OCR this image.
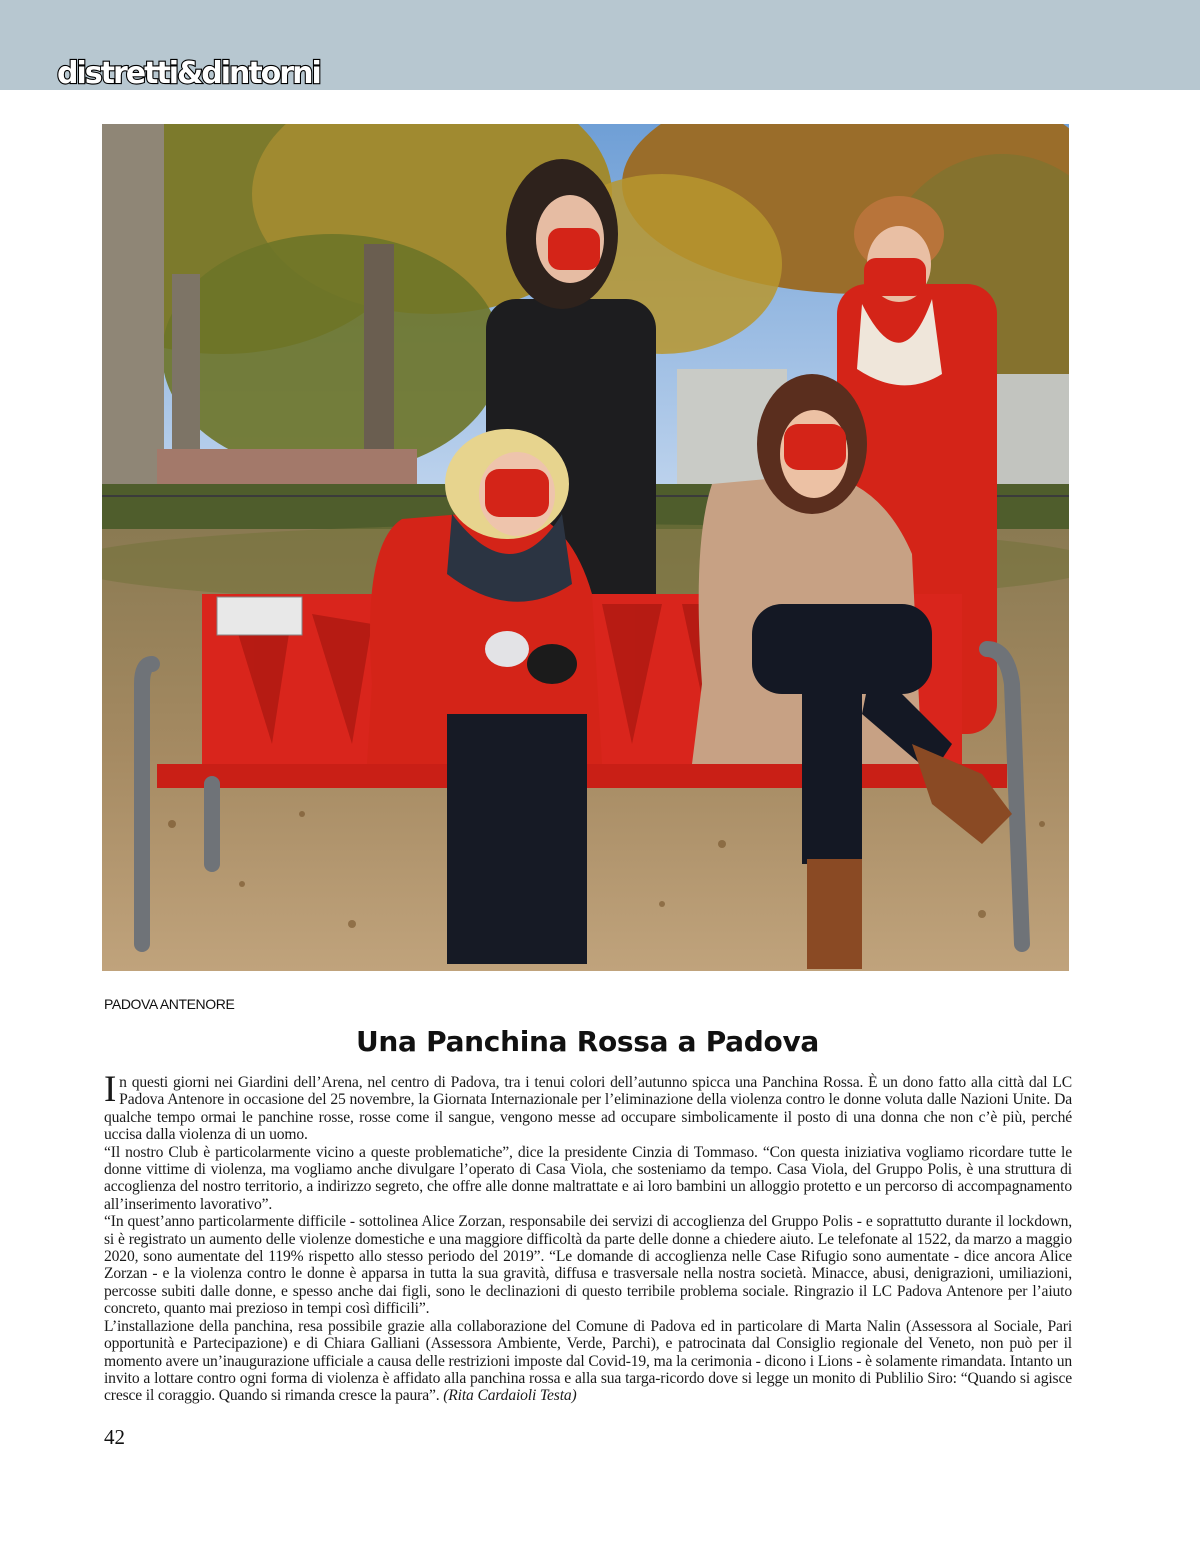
distretti&dintorni
PADOVA ANTENORE
Una Panchina Rossa a Padova

In questi giorni nei Giardini dell’Arena, nel centro di Padova, tra i tenui colori dell’autunno spicca una Panchina Rossa. È un dono fatto alla città dal LC Padova Antenore in occasione del 25 novembre, la Giornata Internazionale per l’eliminazione della violenza contro le donne voluta dalle Nazioni Unite. Da qualche tempo ormai le panchine rosse, rosse come il sangue, vengono messe ad occupare simbolicamente il posto di una donna che non c’è più, perché uccisa dalla violenza di un uomo.

“Il nostro Club è particolarmente vicino a queste problematiche”, dice la presidente Cinzia di Tommaso. “Con questa iniziativa vogliamo ricordare tutte le donne vittime di violenza, ma vogliamo anche divulgare l’operato di Casa Viola, che sosteniamo da tempo. Casa Viola, del Gruppo Polis, è una struttura di accoglienza del nostro territorio, a indirizzo segreto, che offre alle donne maltrattate e ai loro bambini un alloggio protetto e un percorso di accompagnamento all’inserimento lavorativo”.

“In quest’anno particolarmente difficile - sottolinea Alice Zorzan, responsabile dei servizi di accoglienza del Gruppo Polis - e soprattutto durante il lockdown, si è registrato un aumento delle violenze domestiche e una maggiore difficoltà da parte delle donne a chiedere aiuto. Le telefonate al 1522, da marzo a maggio 2020, sono aumentate del 119% rispetto allo stesso periodo del 2019”. “Le domande di accoglienza nelle Case Rifugio sono aumentate - dice ancora Alice Zorzan - e la violenza contro le donne è apparsa in tutta la sua gravità, diffusa e trasversale nella nostra società. Minacce, abusi, denigrazioni, umiliazioni, percosse subiti dalle donne, e spesso anche dai figli, sono le declinazioni di questo terribile problema sociale. Ringrazio il LC Padova Antenore per l’aiuto concreto, quanto mai prezioso in tempi così difficili”.

L’installazione della panchina, resa possibile grazie alla collaborazione del Comune di Padova ed in particolare di Marta Nalin (Assessora al Sociale, Pari opportunità e Partecipazione) e di Chiara Galliani (Assessora Ambiente, Verde, Parchi), e patrocinata dal Consiglio regionale del Veneto, non può per il momento avere un’inaugurazione ufficiale a causa delle restrizioni imposte dal Covid-19, ma la cerimonia - dicono i Lions - è solamente rimandata. Intanto un invito a lottare contro ogni forma di violenza è affidato alla panchina rossa e alla sua targa-ricordo dove si legge un monito di Publilio Siro: “Quando si agisce cresce il coraggio. Quando si rimanda cresce la paura”. (Rita Cardaioli Testa)

42
